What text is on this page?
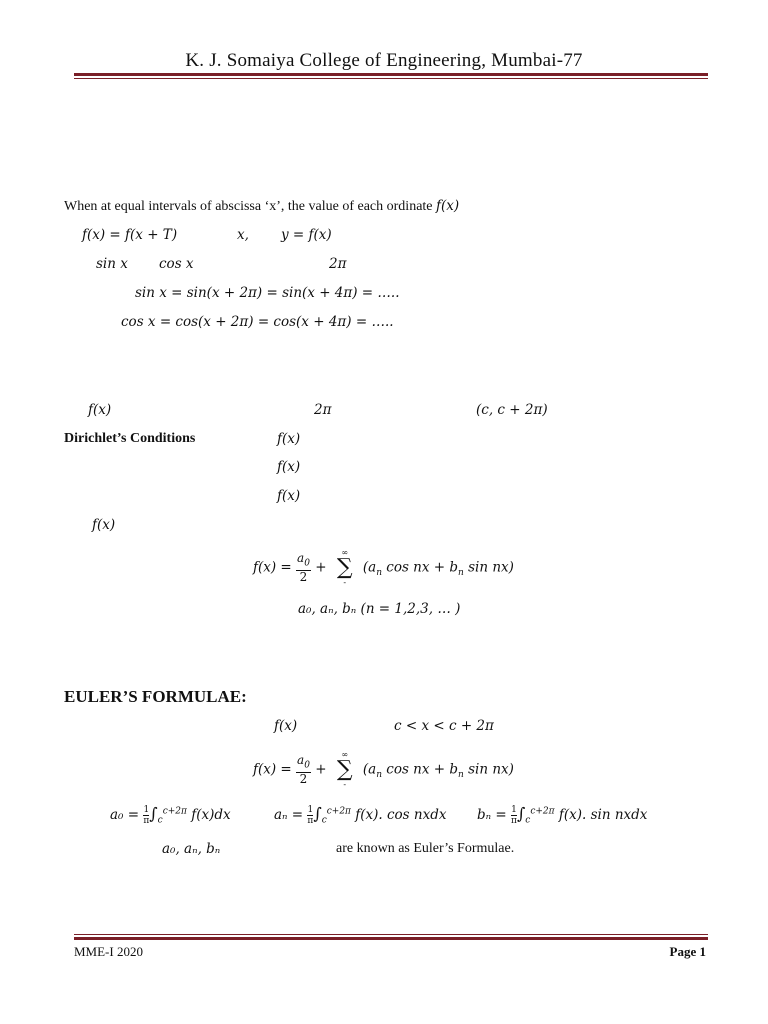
K. J. Somaiya College of Engineering, Mumbai-77
When at equal intervals of abscissa ‘x’, the value of each ordinate f(x)
f(x) = f(x + T)	x, y = f(x)
sin x cos x	2π
sin x = sin(x + 2π) = sin(x + 4π) = …..
cos x = cos(x + 2π) = cos(x + 4π) = …..
f(x)	2π	(c, c + 2π)
Dirichlet’s Conditions	f(x)
f(x)
f(x)
f(x)
$f(x) = \frac{a_0}{2}$ +
∞
∑
-
($a_n$ cos nx + $b_n$ sin nx)
a₀, aₙ, bₙ (n = 1,2,3, … )
EULER’S FORMULAE:
f(x)	c < x < c + 2π
$f(x) = \frac{a_0}{2}$ +
∞
∑
-
($a_n$ cos nx + $b_n$ sin nx)
$a_0 = \frac{1}{\pi}\int_c^{c+2\pi}$ f(x)dx	$a_n = \frac{1}{\pi}\int_c^{c+2\pi}$ f(x). cos nxdx $b_n = \frac{1}{\pi}\int_c^{c+2\pi}$ f(x). sin nxdx
a₀, aₙ, bₙ	are known as Euler’s Formulae.
MME-I 2020	Page 1
